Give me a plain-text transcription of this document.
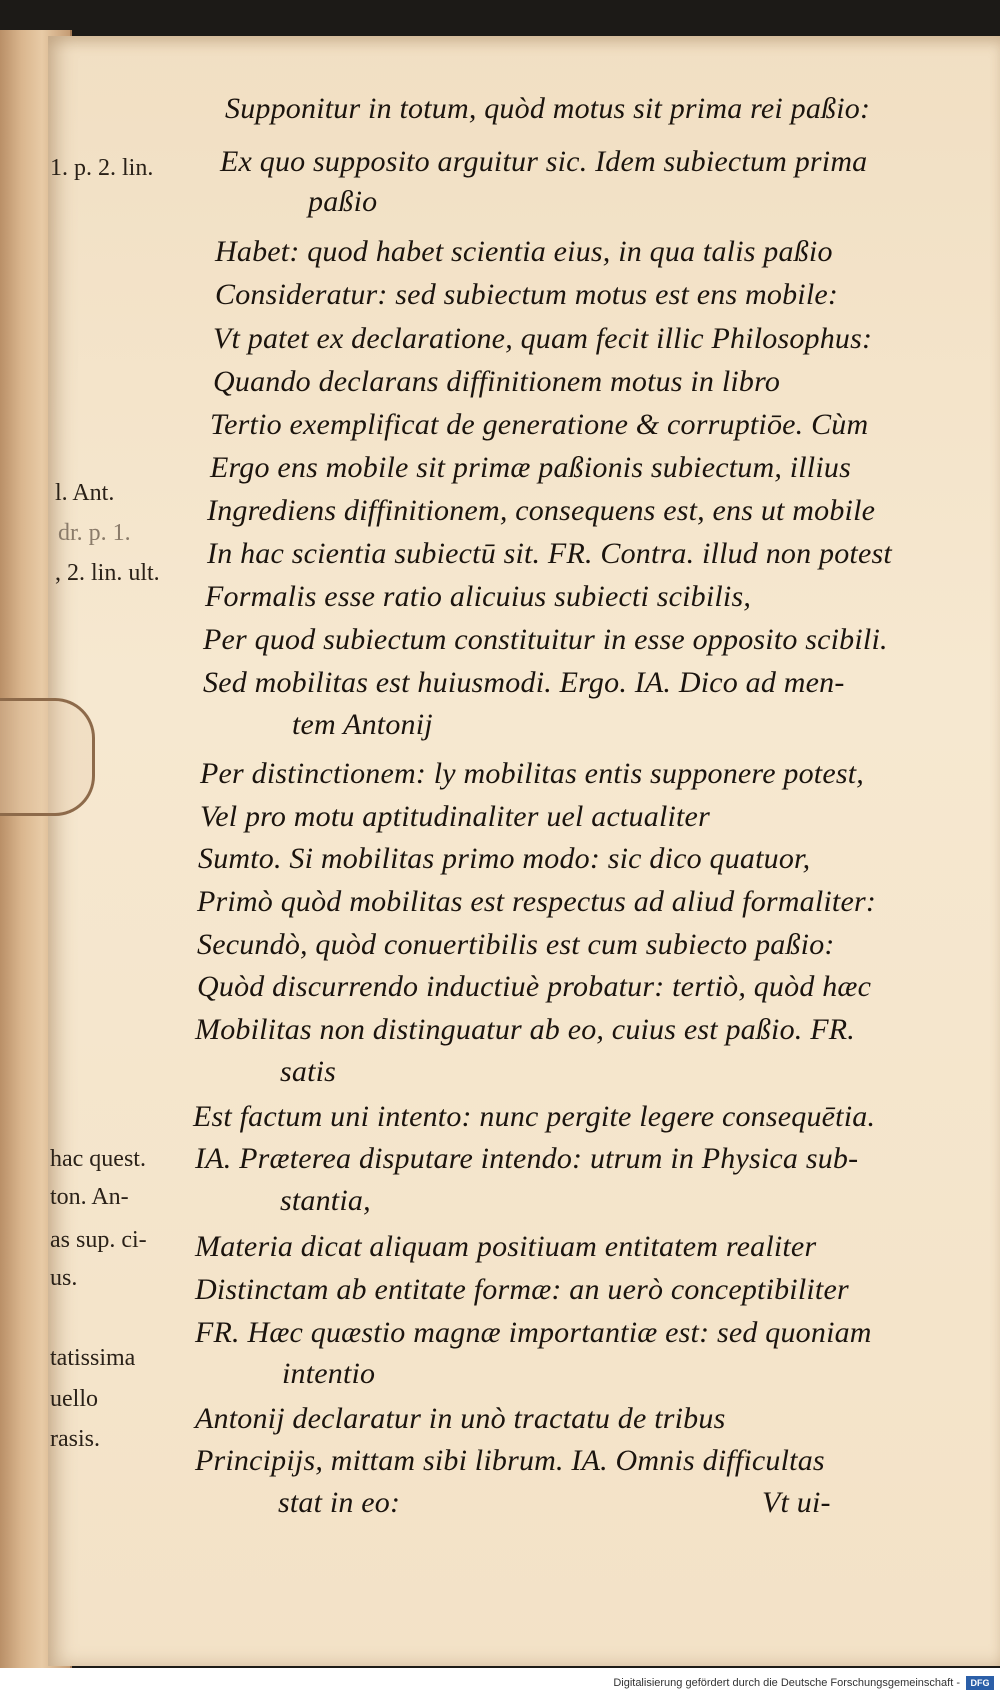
Supponitur in totum, quòd motus sit prima rei paßio:
Ex quo supposito arguitur sic. Idem subiectum prima
paßio
Habet: quod habet scientia eius, in qua talis paßio
Consideratur: sed subiectum motus est ens mobile:
Vt patet ex declaratione, quam fecit illic Philosophus:
Quando declarans diffinitionem motus in libro
Tertio exemplificat de generatione & corruptiōe. Cùm
Ergo ens mobile sit primæ paßionis subiectum, illius
Ingrediens diffinitionem, consequens est, ens ut mobile
In hac scientia subiectū sit. FR. Contra. illud non potest
Formalis esse ratio alicuius subiecti scibilis,
Per quod subiectum constituitur in esse opposito scibili.
Sed mobilitas est huiusmodi. Ergo. IA. Dico ad men-
tem Antonij
Per distinctionem: ly mobilitas entis supponere potest,
Vel pro motu aptitudinaliter uel actualiter
Sumto. Si mobilitas primo modo: sic dico quatuor,
Primò quòd mobilitas est respectus ad aliud formaliter:
Secundò, quòd conuertibilis est cum subiecto paßio:
Quòd discurrendo inductiuè probatur: tertiò, quòd hæc
Mobilitas non distinguatur ab eo, cuius est paßio. FR.
satis
Est factum uni intento: nunc pergite legere consequētia.
IA. Præterea disputare intendo: utrum in Physica sub-
stantia,
Materia dicat aliquam positiuam entitatem realiter
Distinctam ab entitate formæ: an uerò conceptibiliter
FR. Hæc quæstio magnæ importantiæ est: sed quoniam
intentio
Antonij declaratur in unò tractatu de tribus
Principijs, mittam sibi librum. IA. Omnis difficultas
stat in eo:	Vt ui-
1. p. 2. lin.
l. Ant.
dr. p. 1.
, 2. lin. ult.
hac quest.
ton. An-
as sup. ci-
us.
tatissima
uello
rasis.
Digitalisierung gefördert durch die Deutsche Forschungsgemeinschaft -	DFG
